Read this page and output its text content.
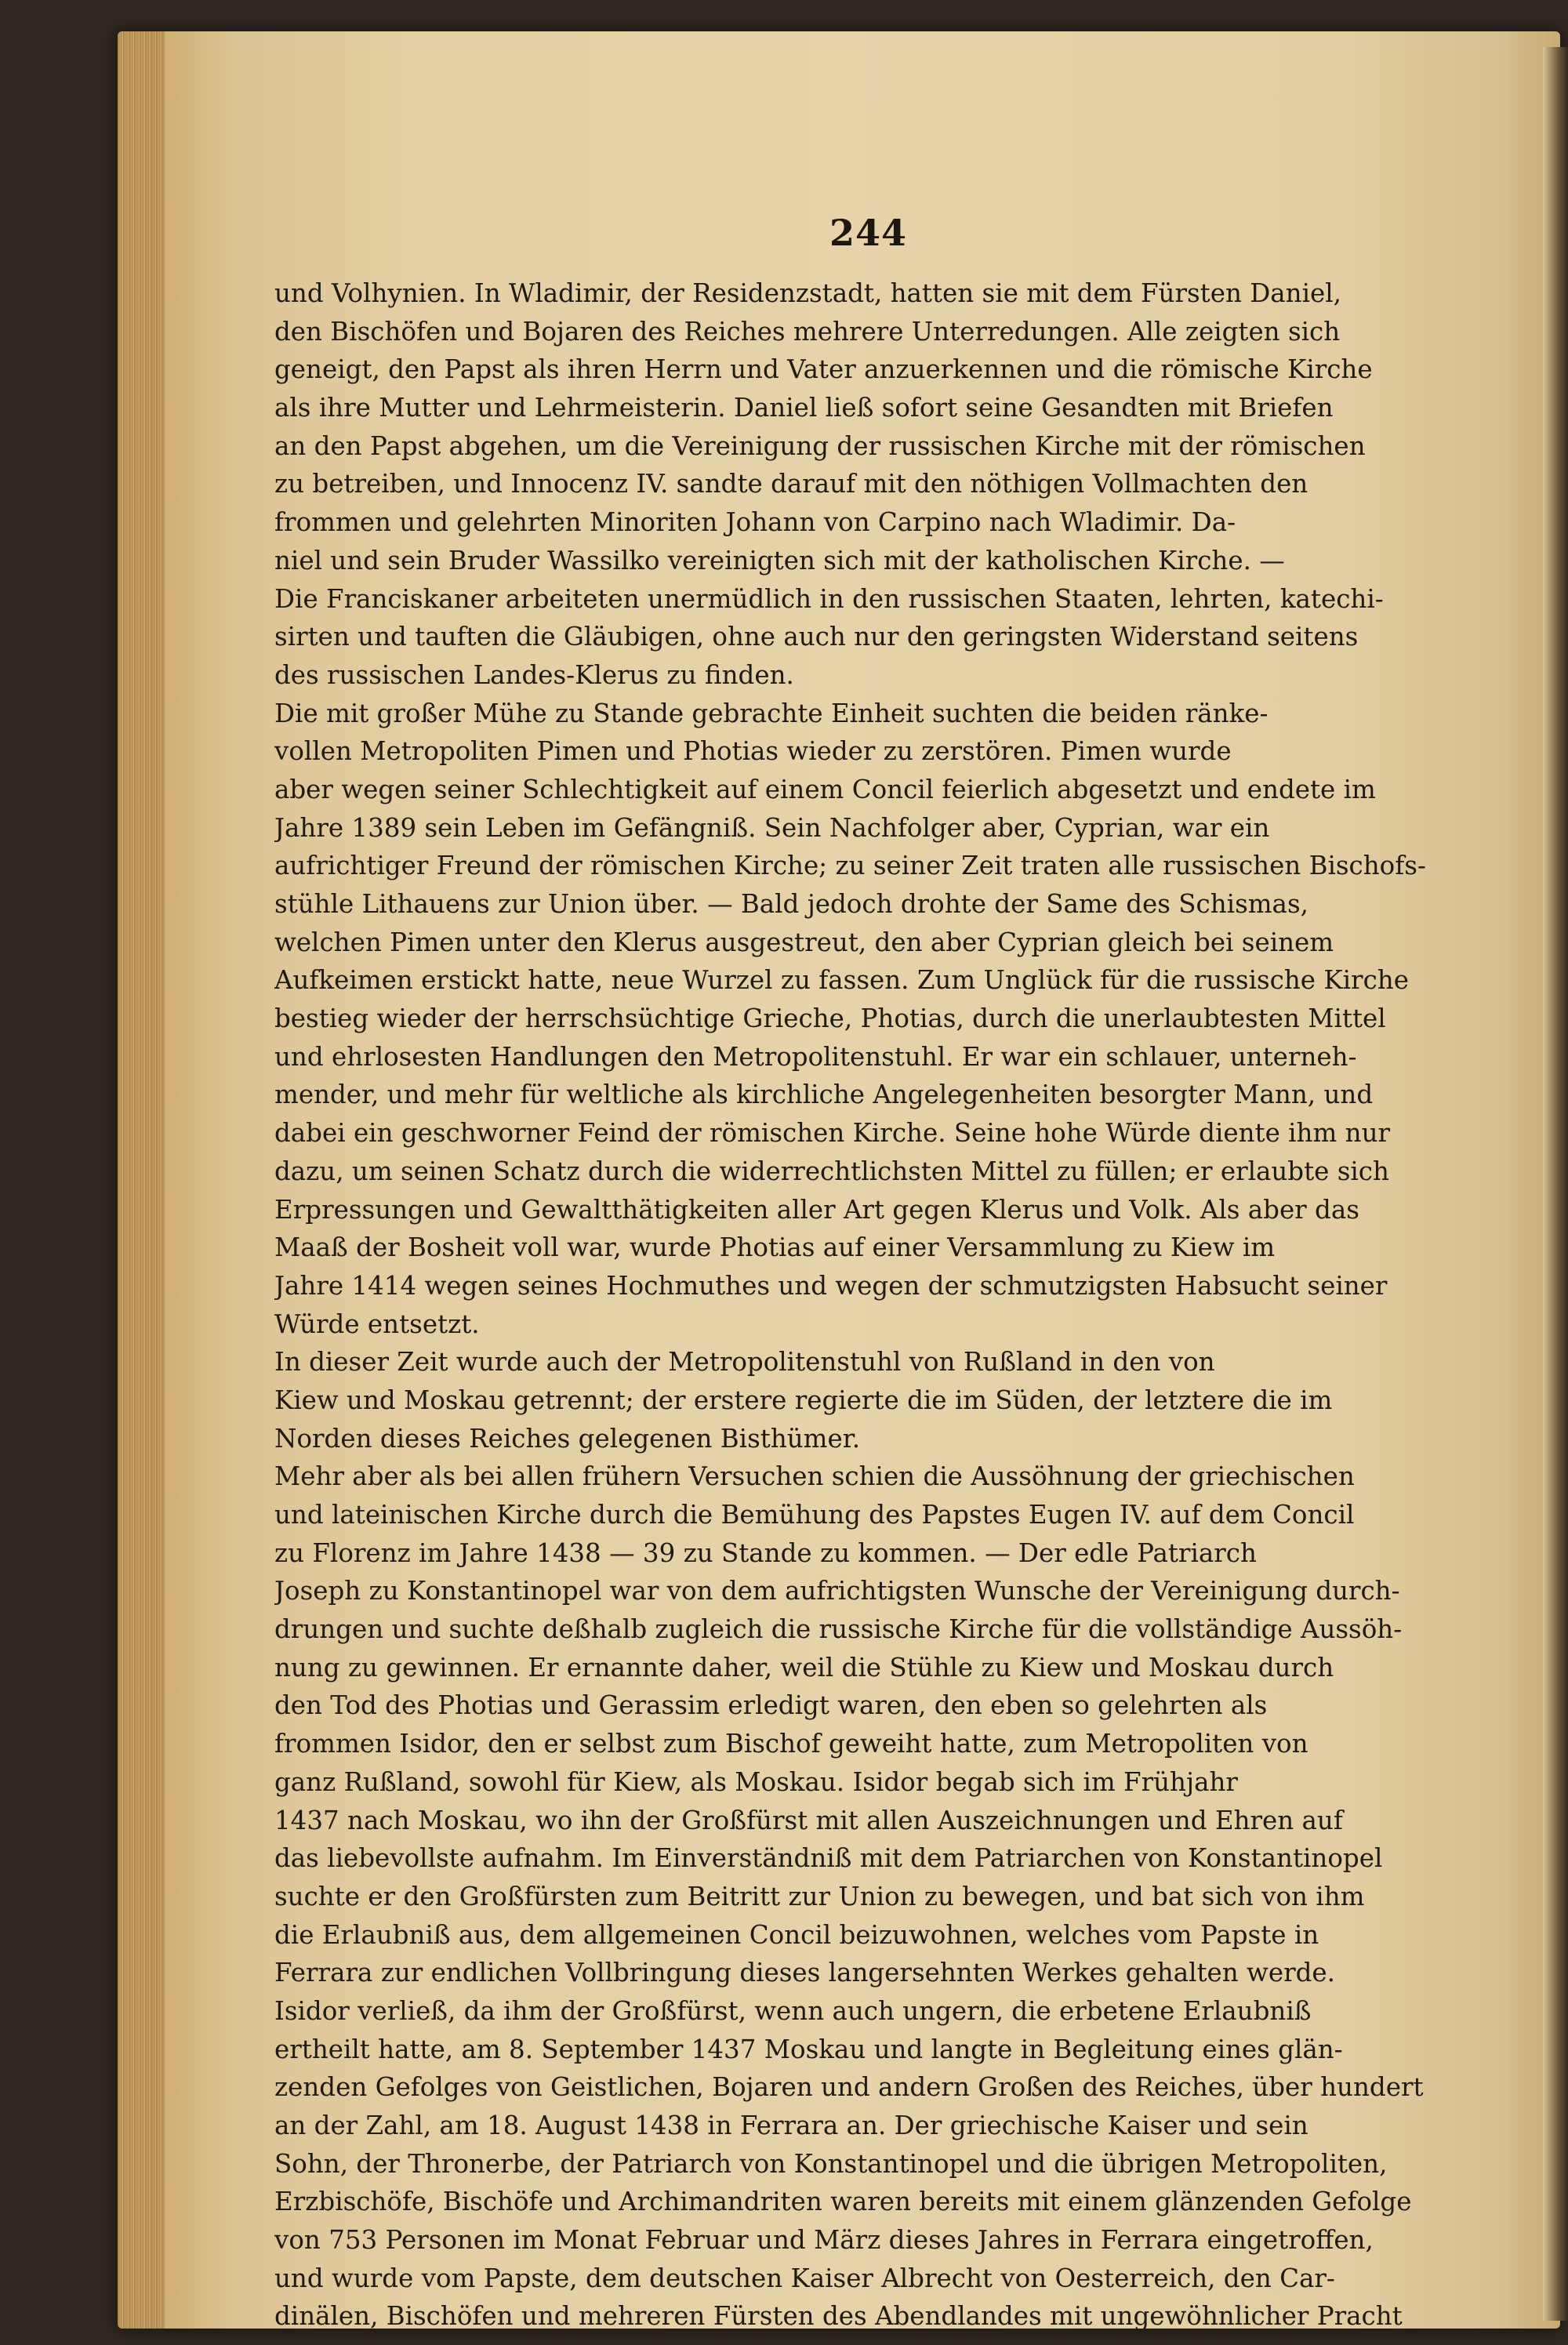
244
und Volhynien. In Wladimir, der Residenzstadt, hatten sie mit dem Fürsten Daniel,
den Bischöfen und Bojaren des Reiches mehrere Unterredungen. Alle zeigten sich
geneigt, den Papst als ihren Herrn und Vater anzuerkennen und die römische Kirche
als ihre Mutter und Lehrmeisterin. Daniel ließ sofort seine Gesandten mit Briefen
an den Papst abgehen, um die Vereinigung der russischen Kirche mit der römischen
zu betreiben, und Innocenz IV. sandte darauf mit den nöthigen Vollmachten den
frommen und gelehrten Minoriten Johann von Carpino nach Wladimir. Da-
niel und sein Bruder Wassilko vereinigten sich mit der katholischen Kirche. —
Die Franciskaner arbeiteten unermüdlich in den russischen Staaten, lehrten, katechi-
sirten und tauften die Gläubigen, ohne auch nur den geringsten Widerstand seitens
des russischen Landes-Klerus zu finden.
Die mit großer Mühe zu Stande gebrachte Einheit suchten die beiden ränke-
vollen Metropoliten Pimen und Photias wieder zu zerstören. Pimen wurde
aber wegen seiner Schlechtigkeit auf einem Concil feierlich abgesetzt und endete im
Jahre 1389 sein Leben im Gefängniß. Sein Nachfolger aber, Cyprian, war ein
aufrichtiger Freund der römischen Kirche; zu seiner Zeit traten alle russischen Bischofs-
stühle Lithauens zur Union über. — Bald jedoch drohte der Same des Schismas,
welchen Pimen unter den Klerus ausgestreut, den aber Cyprian gleich bei seinem
Aufkeimen erstickt hatte, neue Wurzel zu fassen. Zum Unglück für die russische Kirche
bestieg wieder der herrschsüchtige Grieche, Photias, durch die unerlaubtesten Mittel
und ehrlosesten Handlungen den Metropolitenstuhl. Er war ein schlauer, unterneh-
mender, und mehr für weltliche als kirchliche Angelegenheiten besorgter Mann, und
dabei ein geschworner Feind der römischen Kirche. Seine hohe Würde diente ihm nur
dazu, um seinen Schatz durch die widerrechtlichsten Mittel zu füllen; er erlaubte sich
Erpressungen und Gewaltthätigkeiten aller Art gegen Klerus und Volk. Als aber das
Maaß der Bosheit voll war, wurde Photias auf einer Versammlung zu Kiew im
Jahre 1414 wegen seines Hochmuthes und wegen der schmutzigsten Habsucht seiner
Würde entsetzt.
In dieser Zeit wurde auch der Metropolitenstuhl von Rußland in den von
Kiew und Moskau getrennt; der erstere regierte die im Süden, der letztere die im
Norden dieses Reiches gelegenen Bisthümer.
Mehr aber als bei allen frühern Versuchen schien die Aussöhnung der griechischen
und lateinischen Kirche durch die Bemühung des Papstes Eugen IV. auf dem Concil
zu Florenz im Jahre 1438 — 39 zu Stande zu kommen. — Der edle Patriarch
Joseph zu Konstantinopel war von dem aufrichtigsten Wunsche der Vereinigung durch-
drungen und suchte deßhalb zugleich die russische Kirche für die vollständige Aussöh-
nung zu gewinnen. Er ernannte daher, weil die Stühle zu Kiew und Moskau durch
den Tod des Photias und Gerassim erledigt waren, den eben so gelehrten als
frommen Isidor, den er selbst zum Bischof geweiht hatte, zum Metropoliten von
ganz Rußland, sowohl für Kiew, als Moskau. Isidor begab sich im Frühjahr
1437 nach Moskau, wo ihn der Großfürst mit allen Auszeichnungen und Ehren auf
das liebevollste aufnahm. Im Einverständniß mit dem Patriarchen von Konstantinopel
suchte er den Großfürsten zum Beitritt zur Union zu bewegen, und bat sich von ihm
die Erlaubniß aus, dem allgemeinen Concil beizuwohnen, welches vom Papste in
Ferrara zur endlichen Vollbringung dieses langersehnten Werkes gehalten werde.
Isidor verließ, da ihm der Großfürst, wenn auch ungern, die erbetene Erlaubniß
ertheilt hatte, am 8. September 1437 Moskau und langte in Begleitung eines glän-
zenden Gefolges von Geistlichen, Bojaren und andern Großen des Reiches, über hundert
an der Zahl, am 18. August 1438 in Ferrara an. Der griechische Kaiser und sein
Sohn, der Thronerbe, der Patriarch von Konstantinopel und die übrigen Metropoliten,
Erzbischöfe, Bischöfe und Archimandriten waren bereits mit einem glänzenden Gefolge
von 753 Personen im Monat Februar und März dieses Jahres in Ferrara eingetroffen,
und wurde vom Papste, dem deutschen Kaiser Albrecht von Oesterreich, den Car-
dinälen, Bischöfen und mehreren Fürsten des Abendlandes mit ungewöhnlicher Pracht
